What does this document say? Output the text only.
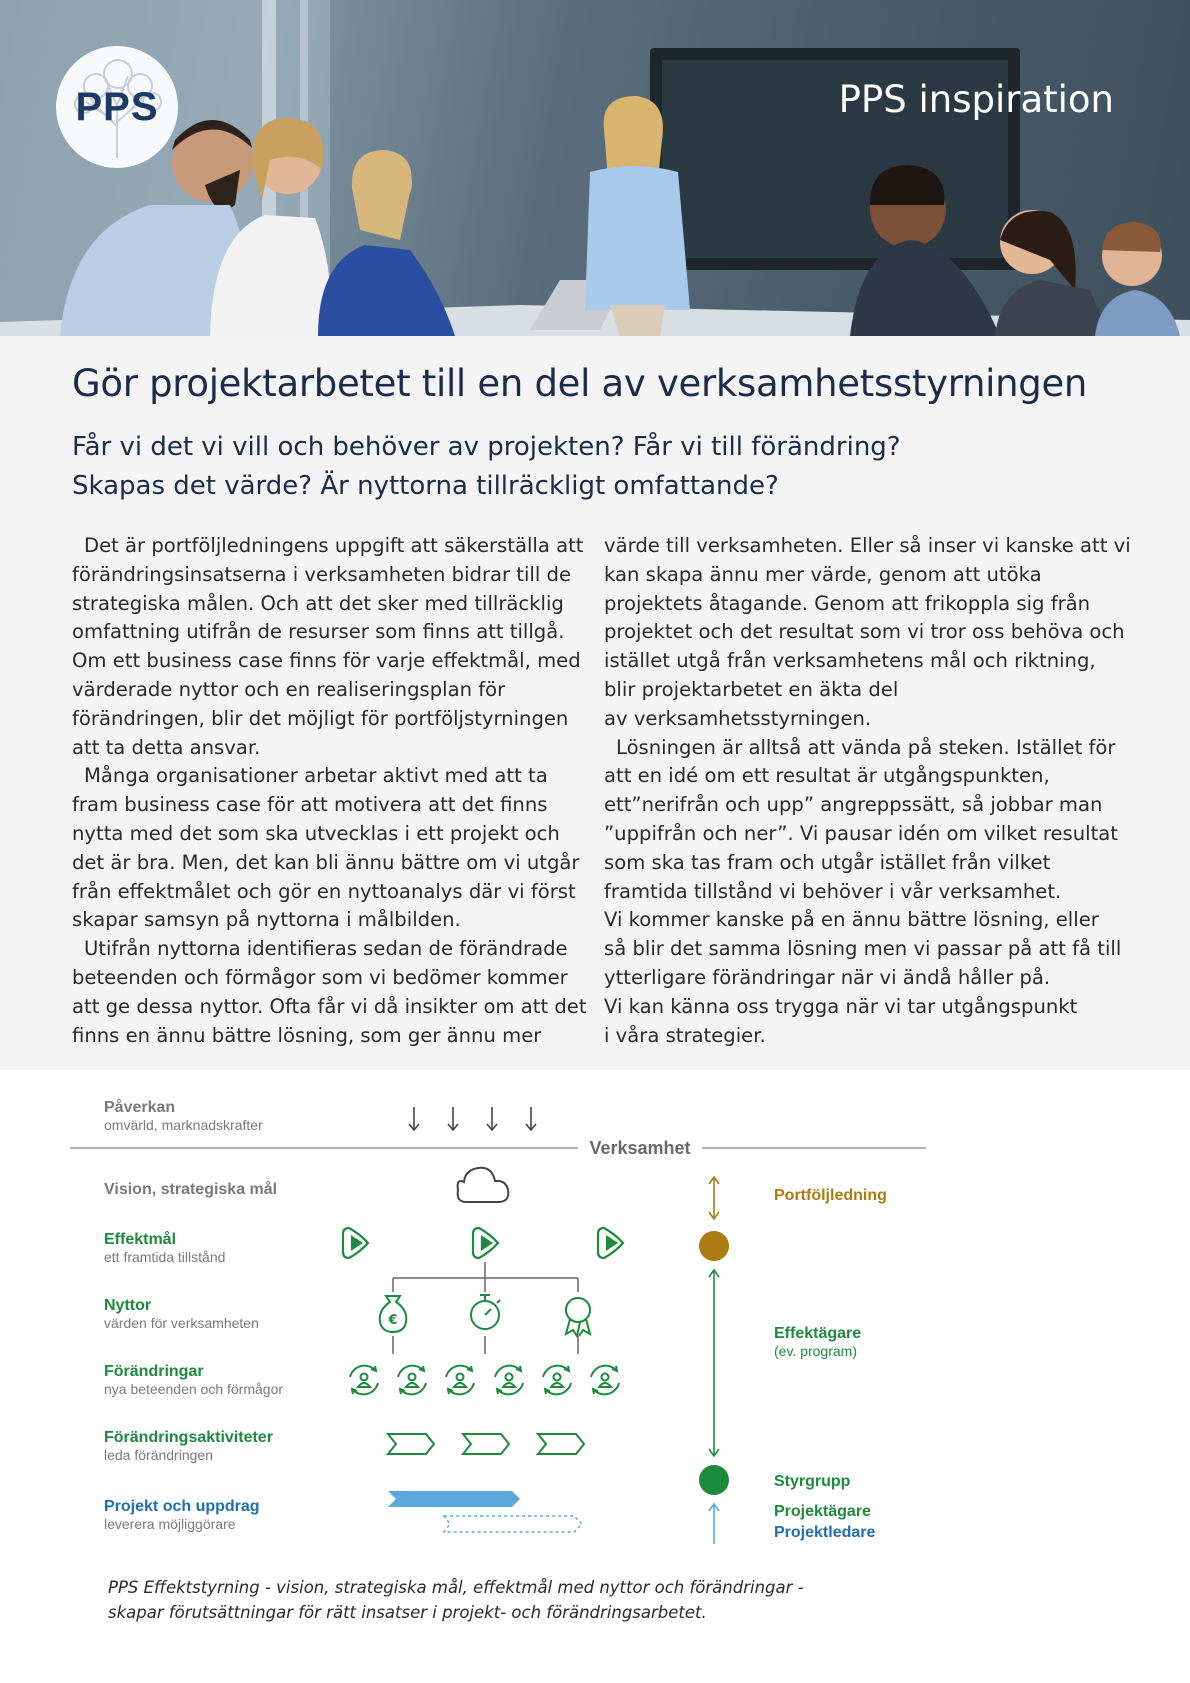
PPS	PPS inspiration
Gör projektarbetet till en del av verksamhetsstyrningen
Får vi det vi vill och behöver av projekten? Får vi till förändring?
Skapas det värde? Är nyttorna tillräckligt omfattande?

Det är portföljledningens uppgift att säkerställa att

förändringsinsatserna i verksamheten bidrar till de

strategiska målen. Och att det sker med tillräcklig

omfattning utifrån de resurser som finns att tillgå.

Om ett business case finns för varje effektmål, med

värderade nyttor och en realiseringsplan för

förändringen, blir det möjligt för portföljstyrningen

att ta detta ansvar.

Många organisationer arbetar aktivt med att ta

fram business case för att motivera att det finns

nytta med det som ska utvecklas i ett projekt och

det är bra. Men, det kan bli ännu bättre om vi utgår

från effektmålet och gör en nyttoanalys där vi först

skapar samsyn på nyttorna i målbilden.

Utifrån nyttorna identifieras sedan de förändrade

beteenden och förmågor som vi bedömer kommer

att ge dessa nyttor. Ofta får vi då insikter om att det

finns en ännu bättre lösning, som ger ännu mer

värde till verksamheten. Eller så inser vi kanske att vi

kan skapa ännu mer värde, genom att utöka

projektets åtagande. Genom att frikoppla sig från

projektet och det resultat som vi tror oss behöva och

istället utgå från verksamhetens mål och riktning,

blir projektarbetet en äkta del

av verksamhetsstyrningen.

Lösningen är alltså att vända på steken. Istället för

att en idé om ett resultat är utgångspunkten,

ett”nerifrån och upp” angreppssätt, så jobbar man

”uppifrån och ner”. Vi pausar idén om vilket resultat

som ska tas fram och utgår istället från vilket

framtida tillstånd vi behöver i vår verksamhet.

Vi kommer kanske på en ännu bättre lösning, eller

så blir det samma lösning men vi passar på att få till

ytterligare förändringar när vi ändå håller på.

Vi kan känna oss trygga när vi tar utgångspunkt

i våra strategier.

Påverkan
omvärld, marknadskrafter
Vision, strategiska mål
Effektmål
ett framtida tillstånd
Nyttor
värden för verksamheten
Förändringar
nya beteenden och förmågor
Förändringsaktiviteter
leda förändringen
Projekt och uppdrag
leverera möjliggörare
Verksamhet
€
Portföljledning
Effektägare
(ev. program)
Styrgrupp
Projektägare
Projektledare
PPS Effektstyrning - vision, strategiska mål, effektmål med nyttor och förändringar -
skapar förutsättningar för rätt insatser i projekt- och förändringsarbetet.
